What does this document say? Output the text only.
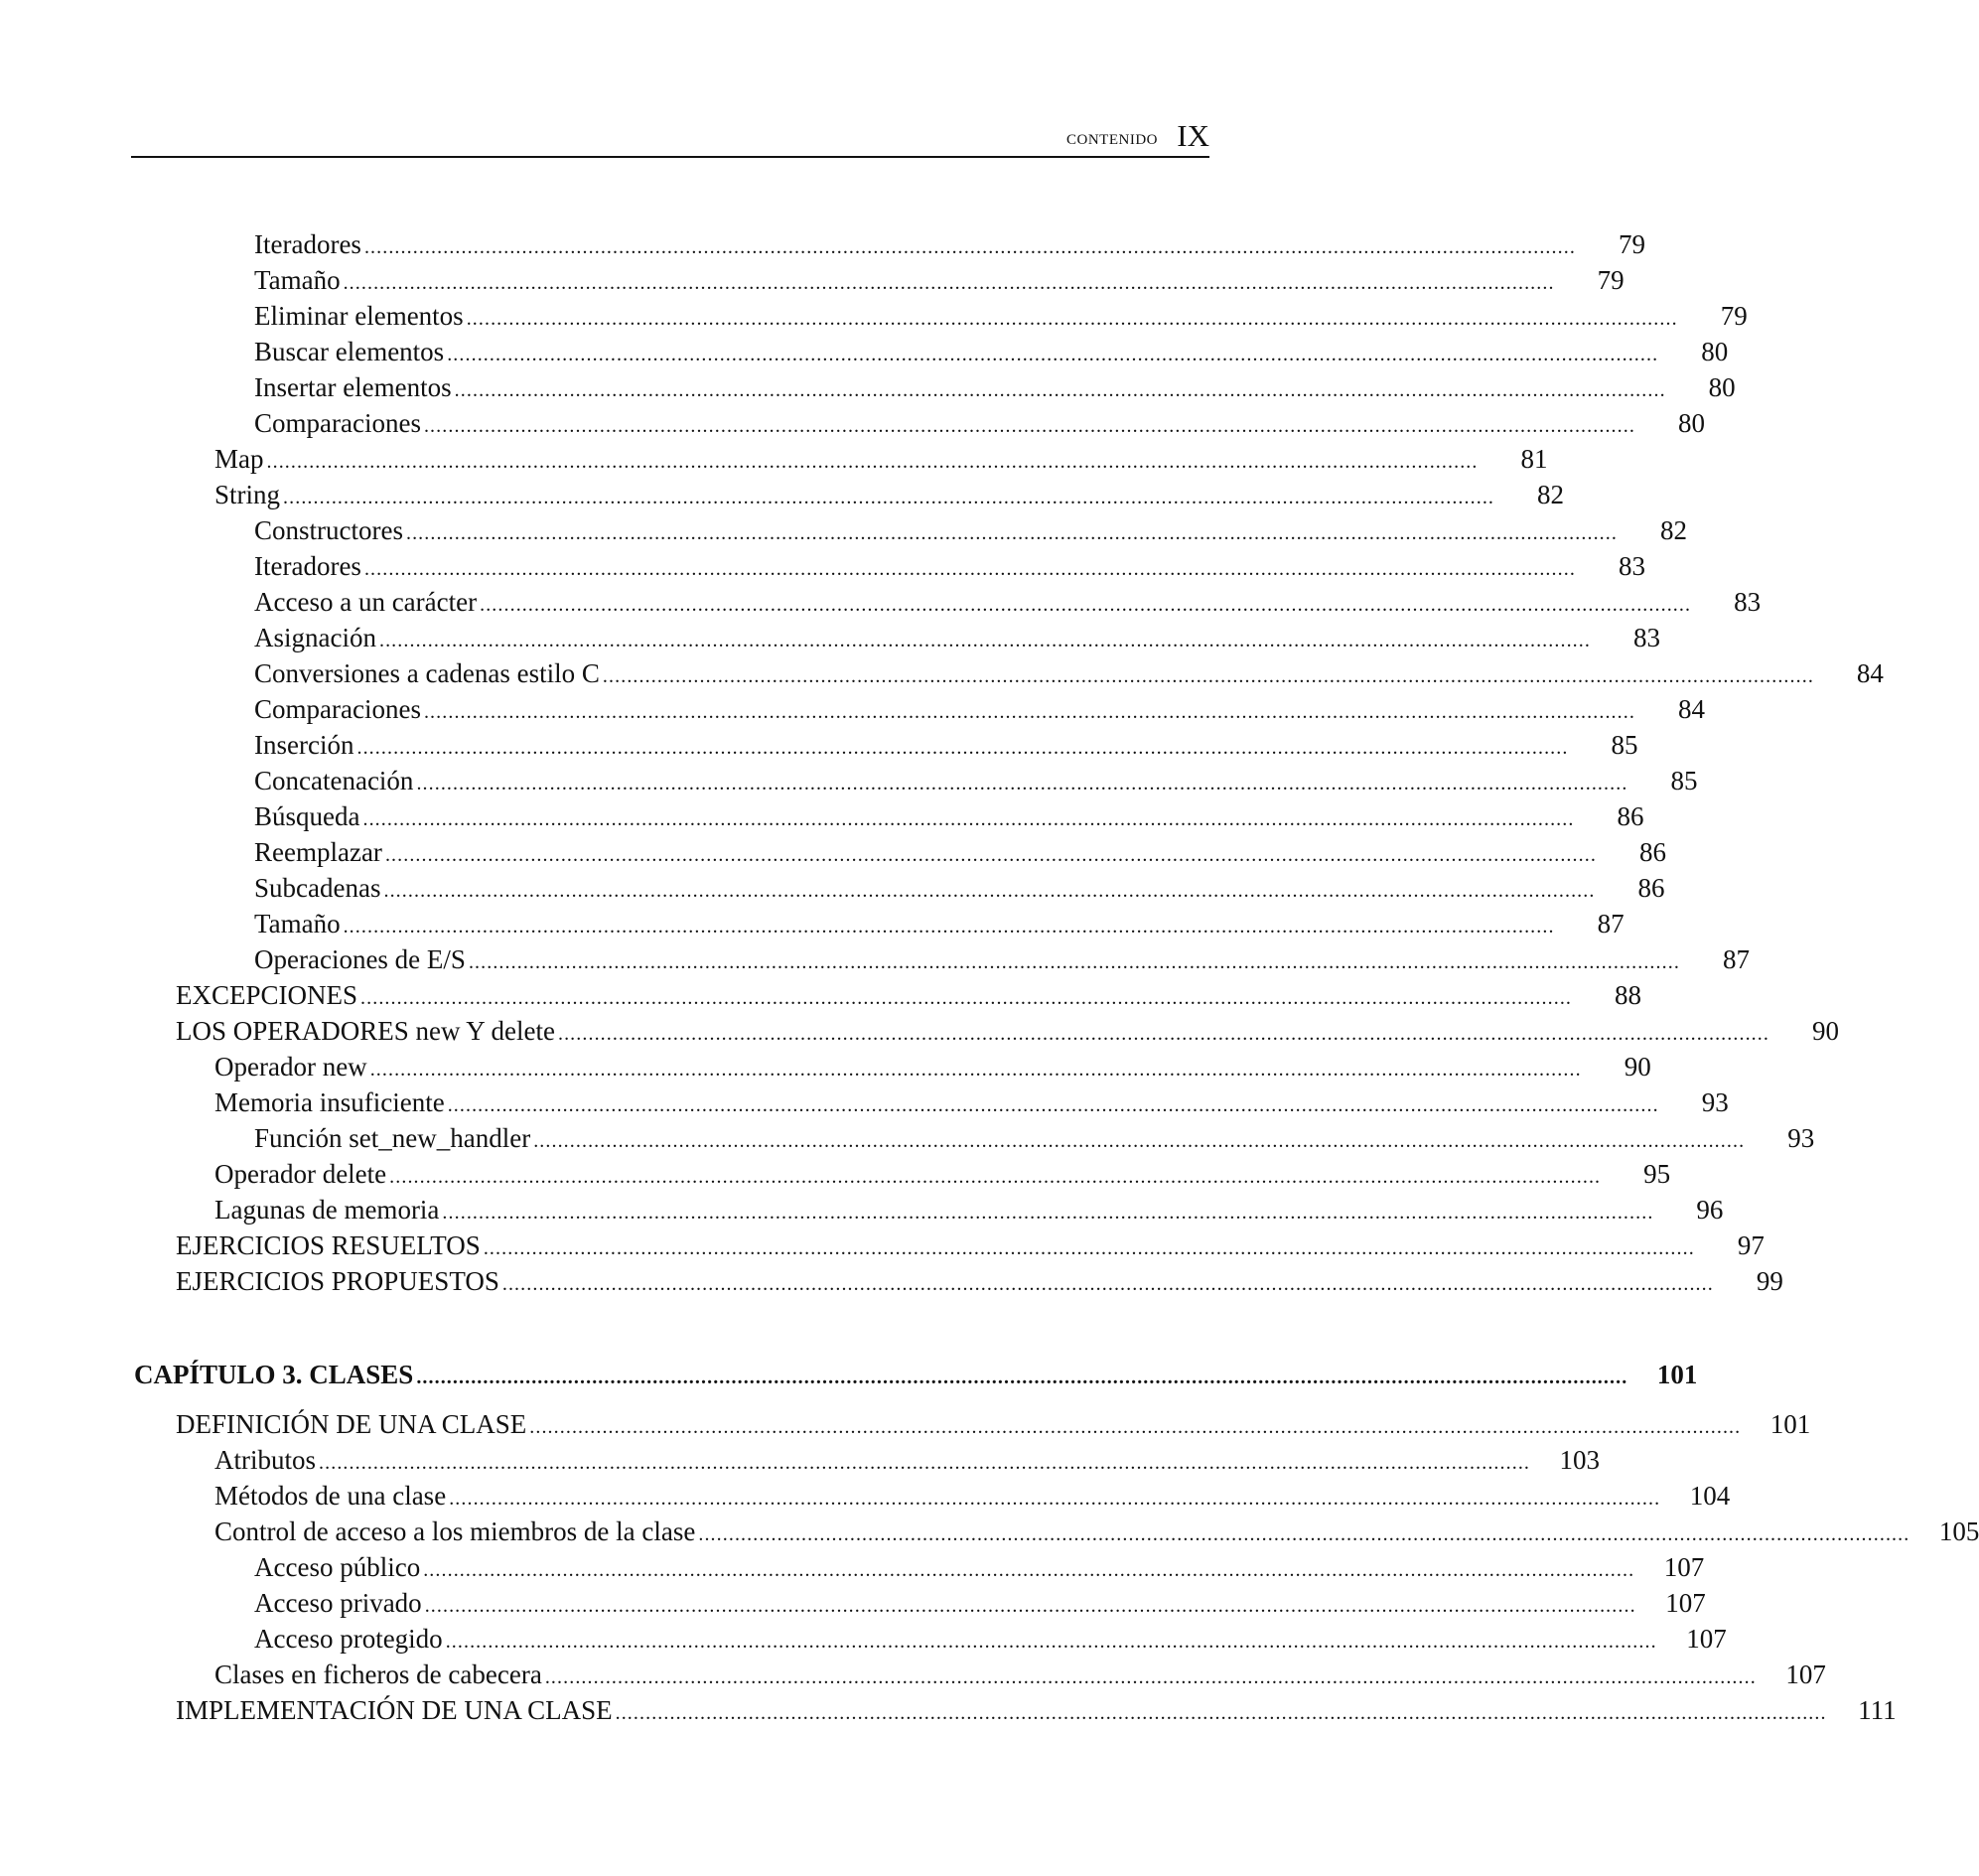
contenido IX
Iteradores ........................................................................................................................................................................................................	79
Tamaño ........................................................................................................................................................................................................	79
Eliminar elementos ........................................................................................................................................................................................................	79
Buscar elementos ........................................................................................................................................................................................................	80
Insertar elementos ........................................................................................................................................................................................................	80
Comparaciones ........................................................................................................................................................................................................	80
Map ........................................................................................................................................................................................................	81
String ........................................................................................................................................................................................................	82
Constructores ........................................................................................................................................................................................................	82
Iteradores ........................................................................................................................................................................................................	83
Acceso a un carácter ........................................................................................................................................................................................................	83
Asignación ........................................................................................................................................................................................................	83
Conversiones a cadenas estilo C ........................................................................................................................................................................................................	84
Comparaciones ........................................................................................................................................................................................................	84
Inserción ........................................................................................................................................................................................................	85
Concatenación ........................................................................................................................................................................................................	85
Búsqueda ........................................................................................................................................................................................................	86
Reemplazar ........................................................................................................................................................................................................	86
Subcadenas ........................................................................................................................................................................................................	86
Tamaño ........................................................................................................................................................................................................	87
Operaciones de E/S ........................................................................................................................................................................................................	87
EXCEPCIONES ........................................................................................................................................................................................................	88
LOS OPERADORES new Y delete ........................................................................................................................................................................................................	90
Operador new ........................................................................................................................................................................................................	90
Memoria insuficiente ........................................................................................................................................................................................................	93
Función set_new_handler ........................................................................................................................................................................................................	93
Operador delete ........................................................................................................................................................................................................	95
Lagunas de memoria ........................................................................................................................................................................................................	96
EJERCICIOS RESUELTOS ........................................................................................................................................................................................................	97
EJERCICIOS PROPUESTOS ........................................................................................................................................................................................................	99
CAPÍTULO 3. CLASES ........................................................................................................................................................................................................	101
DEFINICIÓN DE UNA CLASE ........................................................................................................................................................................................................	101
Atributos ........................................................................................................................................................................................................	103
Métodos de una clase ........................................................................................................................................................................................................	104
Control de acceso a los miembros de la clase ........................................................................................................................................................................................................	105
Acceso público ........................................................................................................................................................................................................	107
Acceso privado ........................................................................................................................................................................................................	107
Acceso protegido ........................................................................................................................................................................................................	107
Clases en ficheros de cabecera ........................................................................................................................................................................................................	107
IMPLEMENTACIÓN DE UNA CLASE ........................................................................................................................................................................................................	111
